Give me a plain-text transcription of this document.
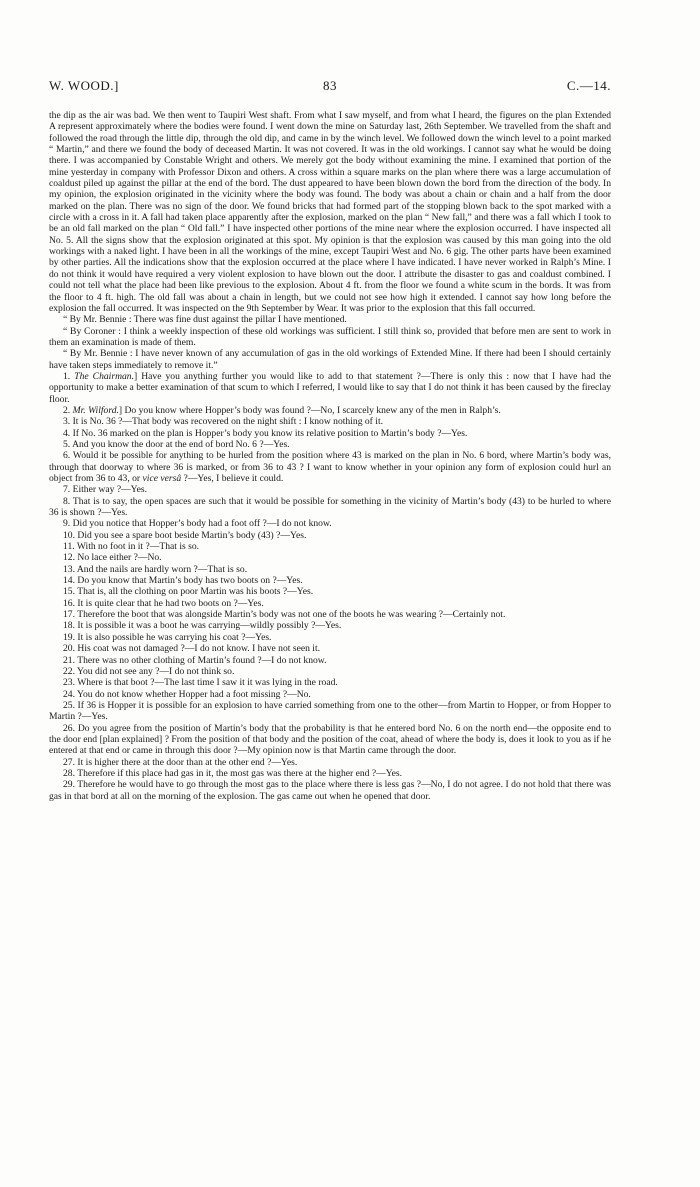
W. WOOD.]	83	C.—14.

the dip as the air was bad. We then went to Taupiri West shaft. From what I saw myself, and from what I heard, the figures on the plan Extended A represent approximately where the bodies were found. I went down the mine on Saturday last, 26th September. We travelled from the shaft and followed the road through the little dip, through the old dip, and came in by the winch level. We followed down the winch level to a point marked “ Martin,” and there we found the body of deceased Martin. It was not covered. It was in the old workings. I cannot say what he would be doing there. I was accompanied by Constable Wright and others. We merely got the body without examining the mine. I examined that portion of the mine yesterday in company with Professor Dixon and others. A cross within a square marks on the plan where there was a large accumulation of coaldust piled up against the pillar at the end of the bord. The dust appeared to have been blown down the bord from the direction of the body. In my opinion, the explosion originated in the vicinity where the body was found. The body was about a chain or chain and a half from the door marked on the plan. There was no sign of the door. We found bricks that had formed part of the stopping blown back to the spot marked with a circle with a cross in it. A fall had taken place apparently after the explosion, marked on the plan “ New fall,” and there was a fall which I took to be an old fall marked on the plan “ Old fall.” I have inspected other portions of the mine near where the explosion occurred. I have inspected all No. 5. All the signs show that the explosion originated at this spot. My opinion is that the explosion was caused by this man going into the old workings with a naked light. I have been in all the workings of the mine, except Taupiri West and No. 6 gig. The other parts have been examined by other parties. All the indications show that the explosion occurred at the place where I have indicated. I have never worked in Ralph’s Mine. I do not think it would have required a very violent explosion to have blown out the door. I attribute the disaster to gas and coaldust combined. I could not tell what the place had been like previous to the explosion. About 4 ft. from the floor we found a white scum in the bords. It was from the floor to 4 ft. high. The old fall was about a chain in length, but we could not see how high it extended. I cannot say how long before the explosion the fall occurred. It was inspected on the 9th September by Wear. It was prior to the explosion that this fall occurred.

“ By Mr. Bennie : There was fine dust against the pillar I have mentioned.

“ By Coroner : I think a weekly inspection of these old workings was sufficient. I still think so, provided that before men are sent to work in them an examination is made of them.

“ By Mr. Bennie : I have never known of any accumulation of gas in the old workings of Extended Mine. If there had been I should certainly have taken steps immediately to remove it.”

1. The Chairman.] Have you anything further you would like to add to that statement ?—There is only this : now that I have had the opportunity to make a better examination of that scum to which I referred, I would like to say that I do not think it has been caused by the fireclay floor.

2. Mr. Wilford.] Do you know where Hopper’s body was found ?—No, I scarcely knew any of the men in Ralph’s.

3. It is No. 36 ?—That body was recovered on the night shift : I know nothing of it.

4. If No. 36 marked on the plan is Hopper’s body you know its relative position to Martin’s body ?—Yes.

5. And you know the door at the end of bord No. 6 ?—Yes.

6. Would it be possible for anything to be hurled from the position where 43 is marked on the plan in No. 6 bord, where Martin’s body was, through that doorway to where 36 is marked, or from 36 to 43 ? I want to know whether in your opinion any form of explosion could hurl an object from 36 to 43, or vice versâ ?—Yes, I believe it could.

7. Either way ?—Yes.

8. That is to say, the open spaces are such that it would be possible for something in the vicinity of Martin’s body (43) to be hurled to where 36 is shown ?—Yes.

9. Did you notice that Hopper’s body had a foot off ?—I do not know.

10. Did you see a spare boot beside Martin’s body (43) ?—Yes.

11. With no foot in it ?—That is so.

12. No lace either ?—No.

13. And the nails are hardly worn ?—That is so.

14. Do you know that Martin’s body has two boots on ?—Yes.

15. That is, all the clothing on poor Martin was his boots ?—Yes.

16. It is quite clear that he had two boots on ?—Yes.

17. Therefore the boot that was alongside Martin’s body was not one of the boots he was wearing ?—Certainly not.

18. It is possible it was a boot he was carrying—wildly possibly ?—Yes.

19. It is also possible he was carrying his coat ?—Yes.

20. His coat was not damaged ?—I do not know. I have not seen it.

21. There was no other clothing of Martin’s found ?—I do not know.

22. You did not see any ?—I do not think so.

23. Where is that boot ?—The last time I saw it it was lying in the road.

24. You do not know whether Hopper had a foot missing ?—No.

25. If 36 is Hopper it is possible for an explosion to have carried something from one to the other—from Martin to Hopper, or from Hopper to Martin ?—Yes.

26. Do you agree from the position of Martin’s body that the probability is that he entered bord No. 6 on the north end—the opposite end to the door end [plan explained] ? From the position of that body and the position of the coat, ahead of where the body is, does it look to you as if he entered at that end or came in through this door ?—My opinion now is that Martin came through the door.

27. It is higher there at the door than at the other end ?—Yes.

28. Therefore if this place had gas in it, the most gas was there at the higher end ?—Yes.

29. Therefore he would have to go through the most gas to the place where there is less gas ?—No, I do not agree. I do not hold that there was gas in that bord at all on the morning of the explosion. The gas came out when he opened that door.
